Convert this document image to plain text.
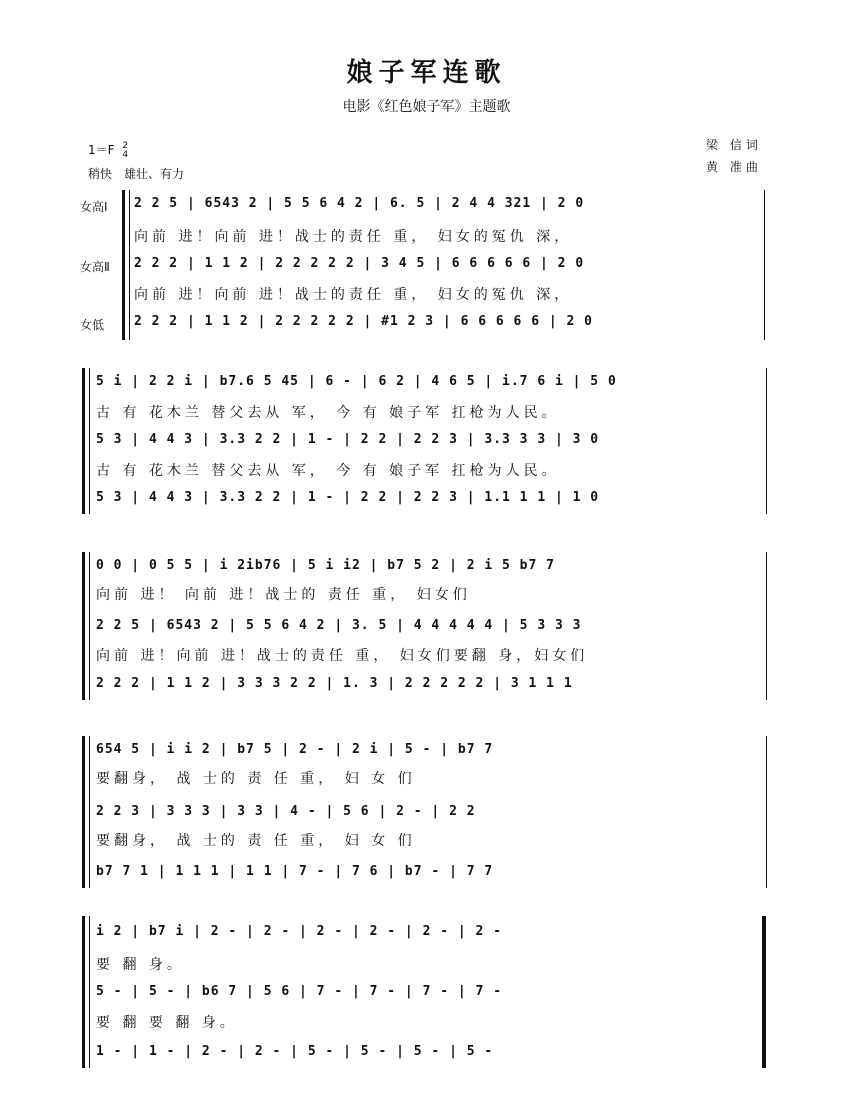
娘子军连歌
电影《红色娘子军》主题歌
1＝F 2
4
稍快　雄壮、有力
梁 信词
黄 准曲
女高Ⅰ
女高Ⅱ
女低
2 2 5 | 6543 2 | 5 5 6 4 2 | 6. 5 | 2 4 4 321 | 2 0
向前 进！向前 进！战士的责任 重， 妇女的冤仇 深，
2 2 2 | 1 1 2 | 2 2 2 2 2 | 3 4 5 | 6 6 6 6 6 | 2 0
向前 进！向前 进！战士的责任 重， 妇女的冤仇 深，
2 2 2 | 1 1 2 | 2 2 2 2 2 | #1 2 3 | 6 6 6 6 6 | 2 0
5 i | 2 2 i | b7.6 5 45 | 6 - | 6 2 | 4 6 5 | i.7 6 i | 5 0
古 有 花木兰 替父去从 军， 今 有 娘子军 扛枪为人民。
5 3 | 4 4 3 | 3.3 2 2 | 1 - | 2 2 | 2 2 3 | 3.3 3 3 | 3 0
古 有 花木兰 替父去从 军， 今 有 娘子军 扛枪为人民。
5 3 | 4 4 3 | 3.3 2 2 | 1 - | 2 2 | 2 2 3 | 1.1 1 1 | 1 0
0 0 | 0 5 5 | i 2ib76 | 5 i i2 | b7 5 2 | 2 i 5 b7 7
向前 进！ 向前 进！战士的 责任 重， 妇女们
2 2 5 | 6543 2 | 5 5 6 4 2 | 3. 5 | 4 4 4 4 4 | 5 3 3 3
向前 进！向前 进！战士的责任 重， 妇女们要翻 身，妇女们
2 2 2 | 1 1 2 | 3 3 3 2 2 | 1. 3 | 2 2 2 2 2 | 3 1 1 1
654 5 | i i 2 | b7 5 | 2 - | 2 i | 5 - | b7 7
要翻身， 战 士的 责 任 重， 妇 女 们
2 2 3 | 3 3 3 | 3 3 | 4 - | 5 6 | 2 - | 2 2
要翻身， 战 士的 责 任 重， 妇 女 们
b7 7 1 | 1 1 1 | 1 1 | 7 - | 7 6 | b7 - | 7 7
i 2 | b7 i | 2 - | 2 - | 2 - | 2 - | 2 - | 2 -
要 翻 身。
5 - | 5 - | b6 7 | 5 6 | 7 - | 7 - | 7 - | 7 -
要 翻 要 翻 身。
1 - | 1 - | 2 - | 2 - | 5 - | 5 - | 5 - | 5 -
